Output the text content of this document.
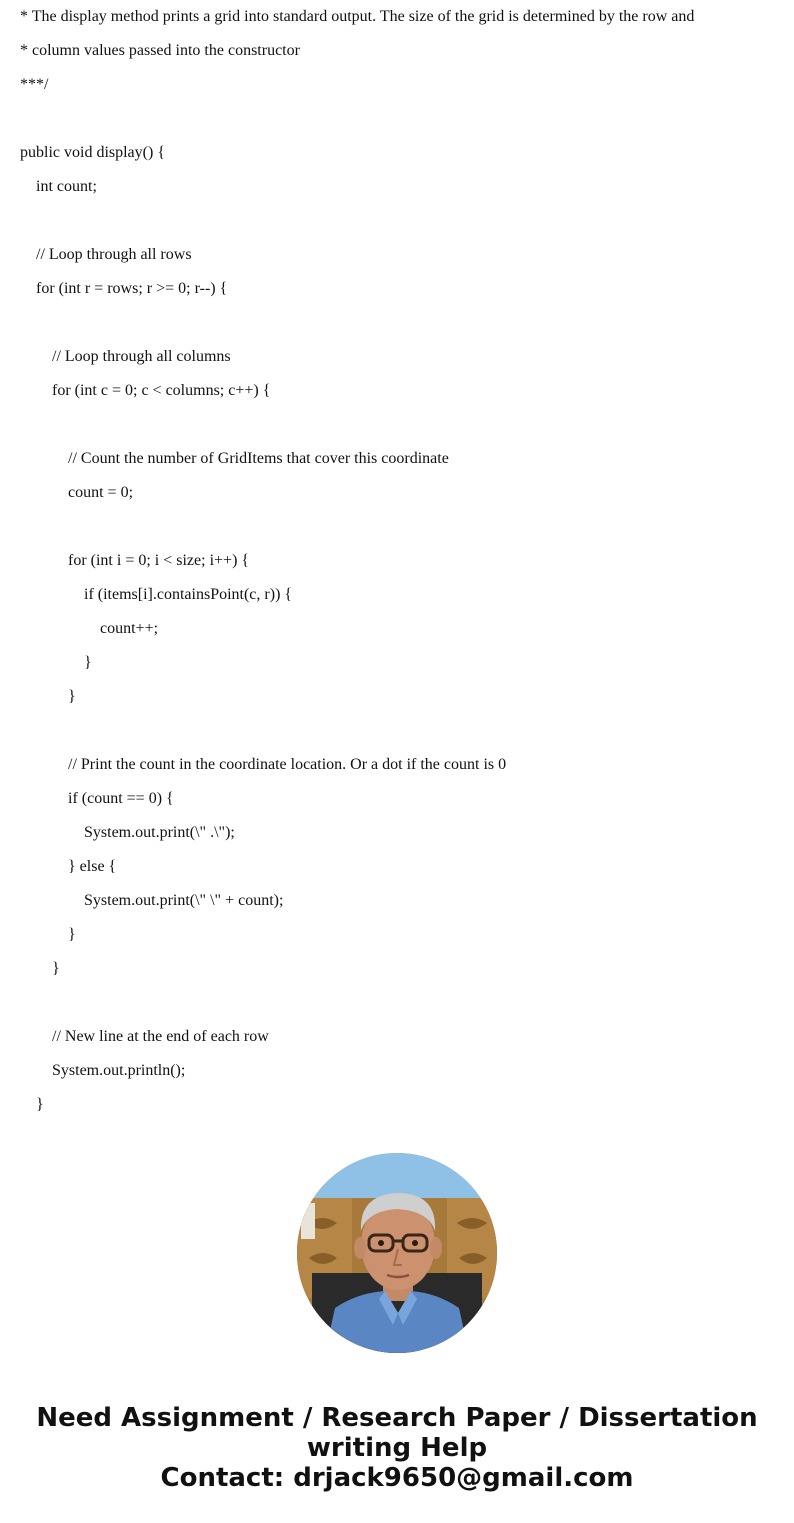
* The display method prints a grid into standard output. The size of the grid is determined by the row and
* column values passed into the constructor
***/
public void display() {
int count;
// Loop through all rows
for (int r = rows; r >= 0; r--) {
// Loop through all columns
for (int c = 0; c < columns; c++) {
// Count the number of GridItems that cover this coordinate
count = 0;
for (int i = 0; i < size; i++) {
if (items[i].containsPoint(c, r)) {
count++;
}
}
// Print the count in the coordinate location. Or a dot if the count is 0
if (count == 0) {
System.out.print(\" .\");
} else {
System.out.print(\" \" + count);
}
}
// New line at the end of each row
System.out.println();
}
Need Assignment / Research Paper / Dissertation
writing Help
Contact: drjack9650@gmail.com
